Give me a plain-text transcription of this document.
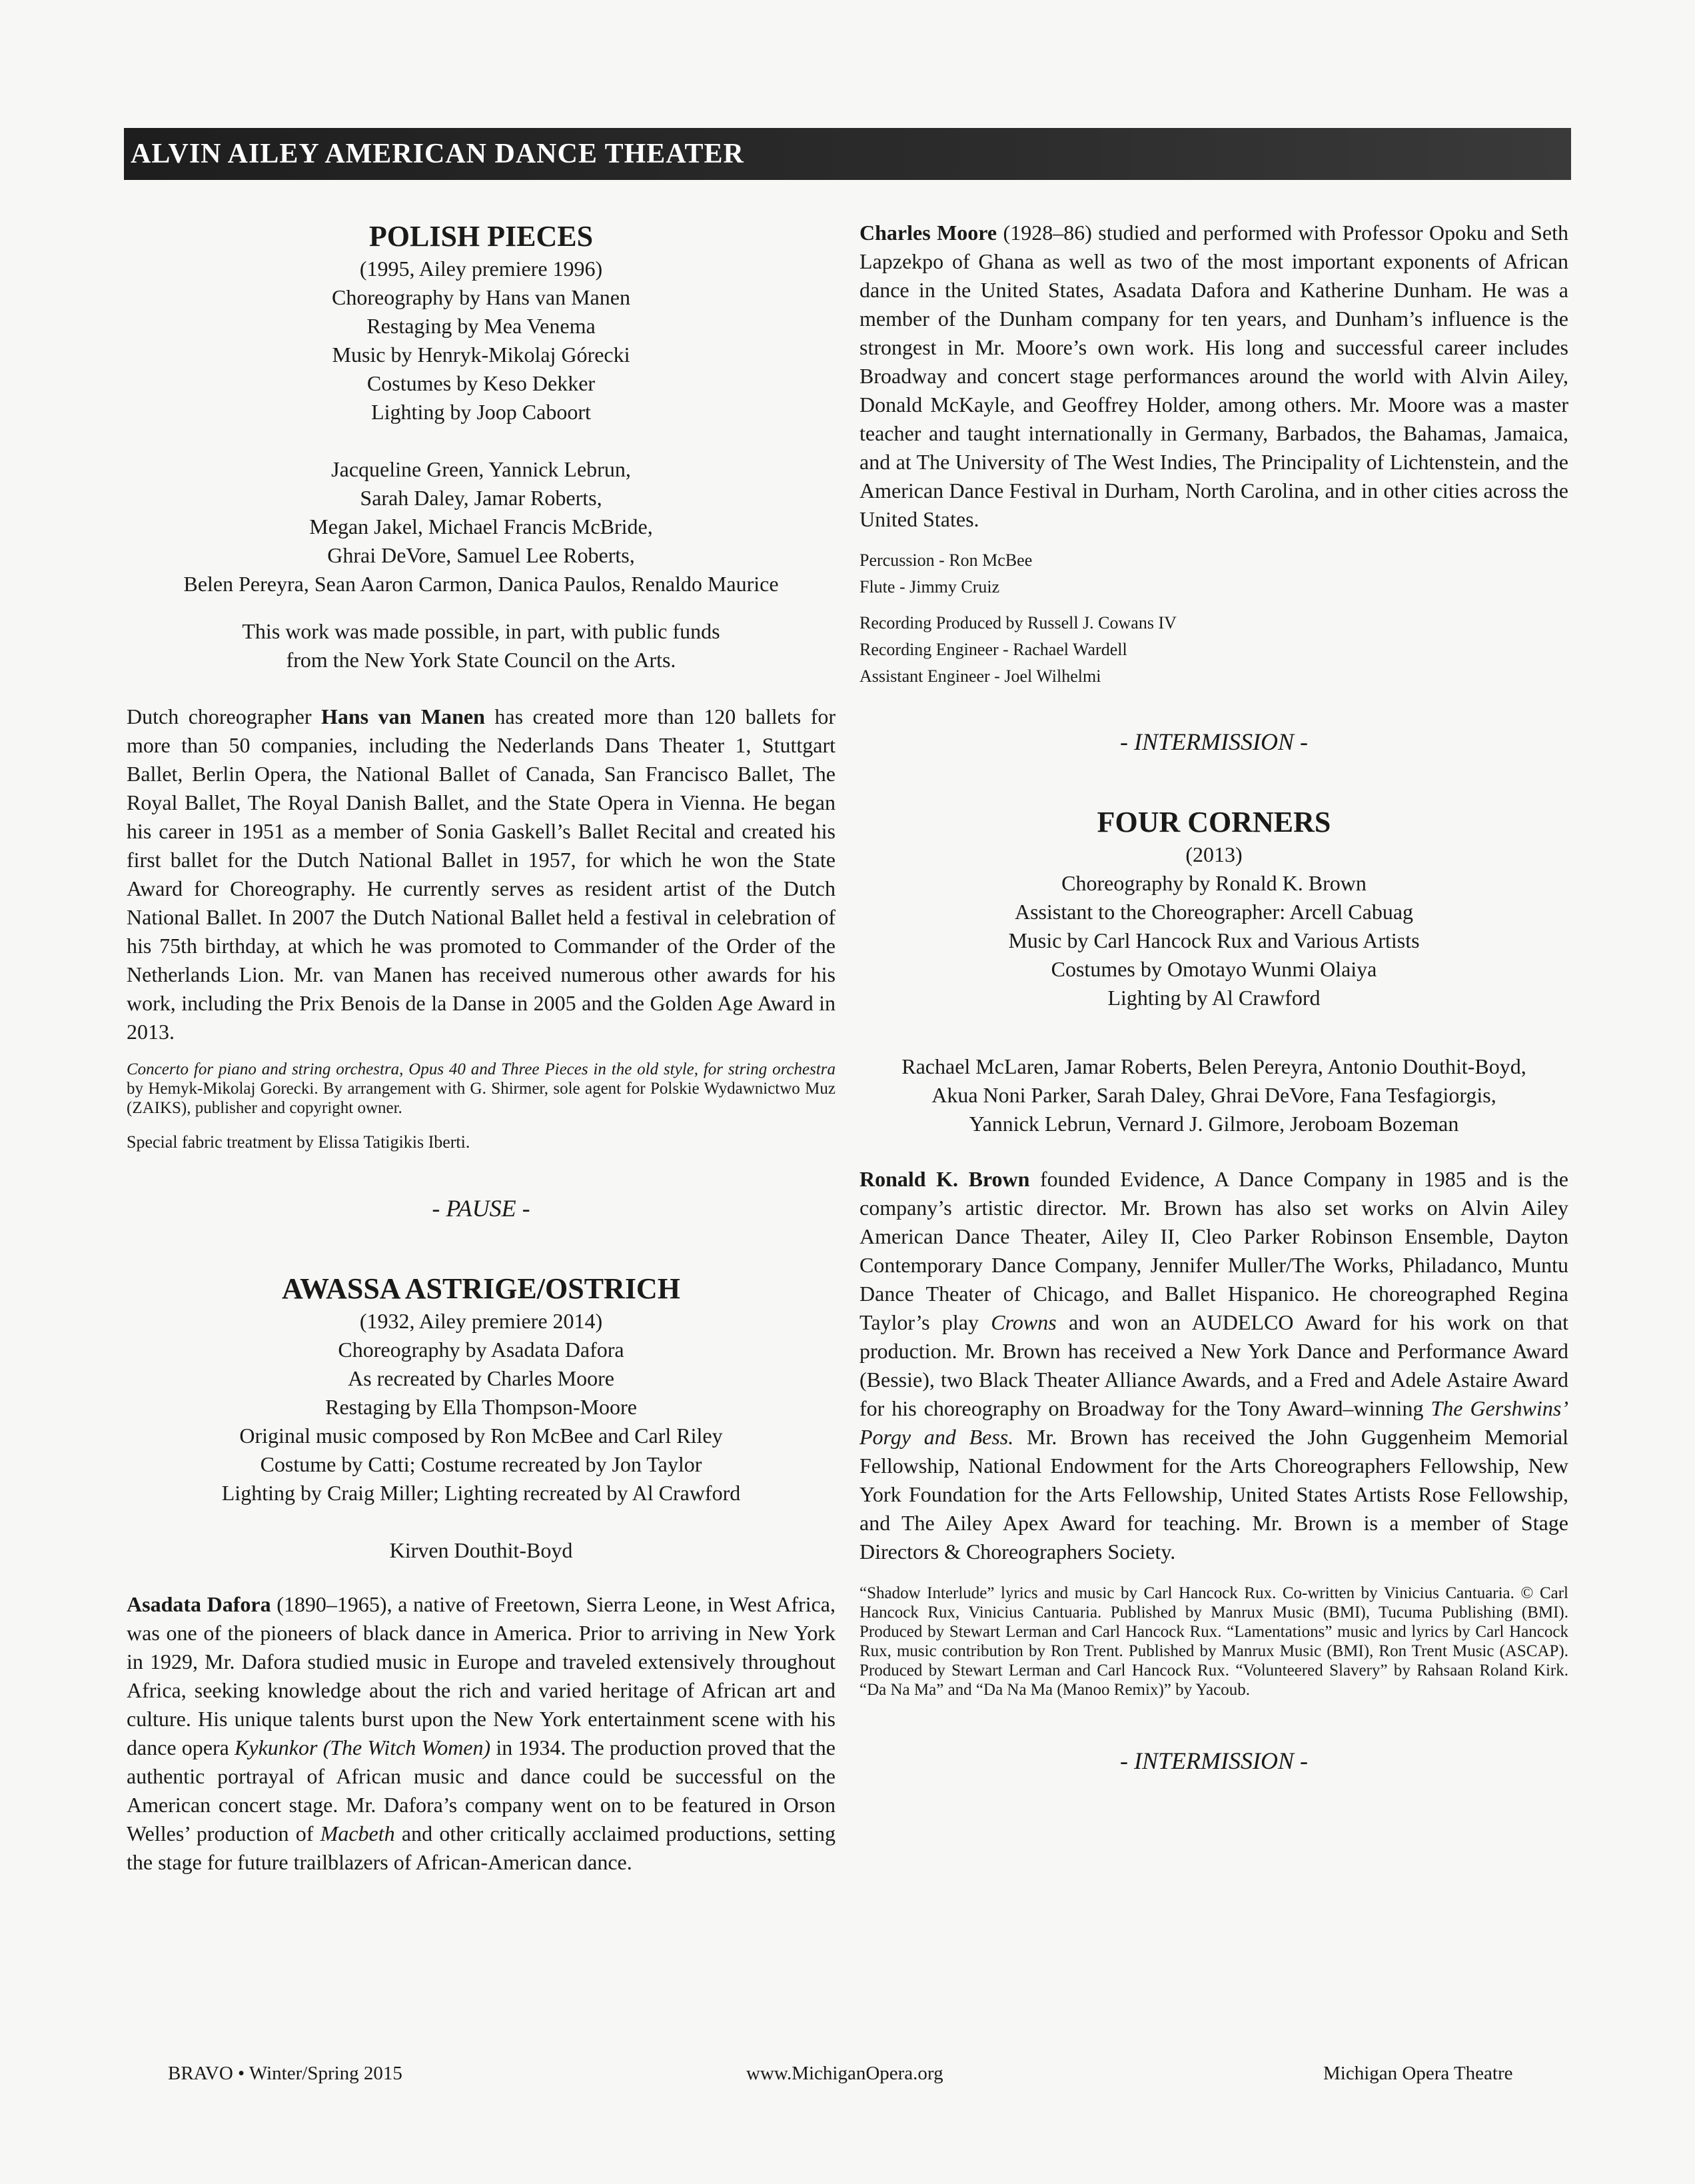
ALVIN AILEY AMERICAN DANCE THEATER
POLISH PIECES
(1995, Ailey premiere 1996)
Choreography by Hans van Manen
Restaging by Mea Venema
Music by Henryk-Mikolaj Górecki
Costumes by Keso Dekker
Lighting by Joop Caboort
Jacqueline Green, Yannick Lebrun,
Sarah Daley, Jamar Roberts,
Megan Jakel, Michael Francis McBride,
Ghrai DeVore, Samuel Lee Roberts,
Belen Pereyra, Sean Aaron Carmon, Danica Paulos, Renaldo Maurice
This work was made possible, in part, with public funds
from the New York State Council on the Arts.

Dutch choreographer Hans van Manen has created more than 120 ballets for more than 50 companies, including the Nederlands Dans Theater 1, Stuttgart Ballet, Berlin Opera, the National Ballet of Canada, San Francisco Ballet, The Royal Ballet, The Royal Danish Ballet, and the State Opera in Vienna. He began his career in 1951 as a member of Sonia Gaskell’s Ballet Recital and created his first ballet for the Dutch National Ballet in 1957, for which he won the State Award for Choreography. He currently serves as resident artist of the Dutch National Ballet. In 2007 the Dutch National Ballet held a festival in celebration of his 75th birthday, at which he was promoted to Commander of the Order of the Netherlands Lion. Mr. van Manen has received numerous other awards for his work, including the Prix Benois de la Danse in 2005 and the Golden Age Award in 2013.

Concerto for piano and string orchestra, Opus 40 and Three Pieces in the old style, for string orchestra by Hemyk-Mikolaj Gorecki. By arrangement with G. Shirmer, sole agent for Polskie Wydawnictwo Muz (ZAIKS), publisher and copyright owner.

Special fabric treatment by Elissa Tatigikis Iberti.

- PAUSE -
AWASSA ASTRIGE/OSTRICH
(1932, Ailey premiere 2014)
Choreography by Asadata Dafora
As recreated by Charles Moore
Restaging by Ella Thompson-Moore
Original music composed by Ron McBee and Carl Riley
Costume by Catti; Costume recreated by Jon Taylor
Lighting by Craig Miller; Lighting recreated by Al Crawford
Kirven Douthit-Boyd

Asadata Dafora (1890–1965), a native of Freetown, Sierra Leone, in West Africa, was one of the pioneers of black dance in America. Prior to arriving in New York in 1929, Mr. Dafora studied music in Europe and traveled extensively throughout Africa, seeking knowledge about the rich and varied heritage of African art and culture. His unique talents burst upon the New York entertainment scene with his dance opera Kykunkor (The Witch Women) in 1934. The production proved that the authentic portrayal of African music and dance could be successful on the American concert stage. Mr. Dafora’s company went on to be featured in Orson Welles’ production of Macbeth and other critically acclaimed productions, setting the stage for future trailblazers of African-American dance.

Charles Moore (1928–86) studied and performed with Professor Opoku and Seth Lapzekpo of Ghana as well as two of the most important exponents of African dance in the United States, Asadata Dafora and Katherine Dunham. He was a member of the Dunham company for ten years, and Dunham’s influence is the strongest in Mr. Moore’s own work. His long and successful career includes Broadway and concert stage performances around the world with Alvin Ailey, Donald McKayle, and Geoffrey Holder, among others. Mr. Moore was a master teacher and taught internationally in Germany, Barbados, the Bahamas, Jamaica, and at The University of The West Indies, The Principality of Lichtenstein, and the American Dance Festival in Durham, North Carolina, and in other cities across the United States.

Percussion - Ron McBee
Flute - Jimmy Cruiz
Recording Produced by Russell J. Cowans IV
Recording Engineer - Rachael Wardell
Assistant Engineer - Joel Wilhelmi
- INTERMISSION -
FOUR CORNERS
(2013)
Choreography by Ronald K. Brown
Assistant to the Choreographer: Arcell Cabuag
Music by Carl Hancock Rux and Various Artists
Costumes by Omotayo Wunmi Olaiya
Lighting by Al Crawford
Rachael McLaren, Jamar Roberts, Belen Pereyra, Antonio Douthit-Boyd,
Akua Noni Parker, Sarah Daley, Ghrai DeVore, Fana Tesfagiorgis,
Yannick Lebrun, Vernard J. Gilmore, Jeroboam Bozeman

Ronald K. Brown founded Evidence, A Dance Company in 1985 and is the company’s artistic director. Mr. Brown has also set works on Alvin Ailey American Dance Theater, Ailey II, Cleo Parker Robinson Ensemble, Dayton Contemporary Dance Company, Jennifer Muller/The Works, Philadanco, Muntu Dance Theater of Chicago, and Ballet Hispanico. He choreographed Regina Taylor’s play Crowns and won an AUDELCO Award for his work on that production. Mr. Brown has received a New York Dance and Performance Award (Bessie), two Black Theater Alliance Awards, and a Fred and Adele Astaire Award for his choreography on Broadway for the Tony Award–winning The Gershwins’ Porgy and Bess. Mr. Brown has received the John Guggenheim Memorial Fellowship, National Endowment for the Arts Choreographers Fellowship, New York Foundation for the Arts Fellowship, United States Artists Rose Fellowship, and The Ailey Apex Award for teaching. Mr. Brown is a member of Stage Directors & Choreographers Society.

“Shadow Interlude” lyrics and music by Carl Hancock Rux. Co-written by Vinicius Cantuaria. © Carl Hancock Rux, Vinicius Cantuaria. Published by Manrux Music (BMI), Tucuma Publishing (BMI). Produced by Stewart Lerman and Carl Hancock Rux. “Lamentations” music and lyrics by Carl Hancock Rux, music contribution by Ron Trent. Published by Manrux Music (BMI), Ron Trent Music (ASCAP). Produced by Stewart Lerman and Carl Hancock Rux. “Volunteered Slavery” by Rahsaan Roland Kirk. “Da Na Ma” and “Da Na Ma (Manoo Remix)” by Yacoub.

- INTERMISSION -
BRAVO • Winter/Spring 2015	www.MichiganOpera.org	Michigan Opera Theatre
